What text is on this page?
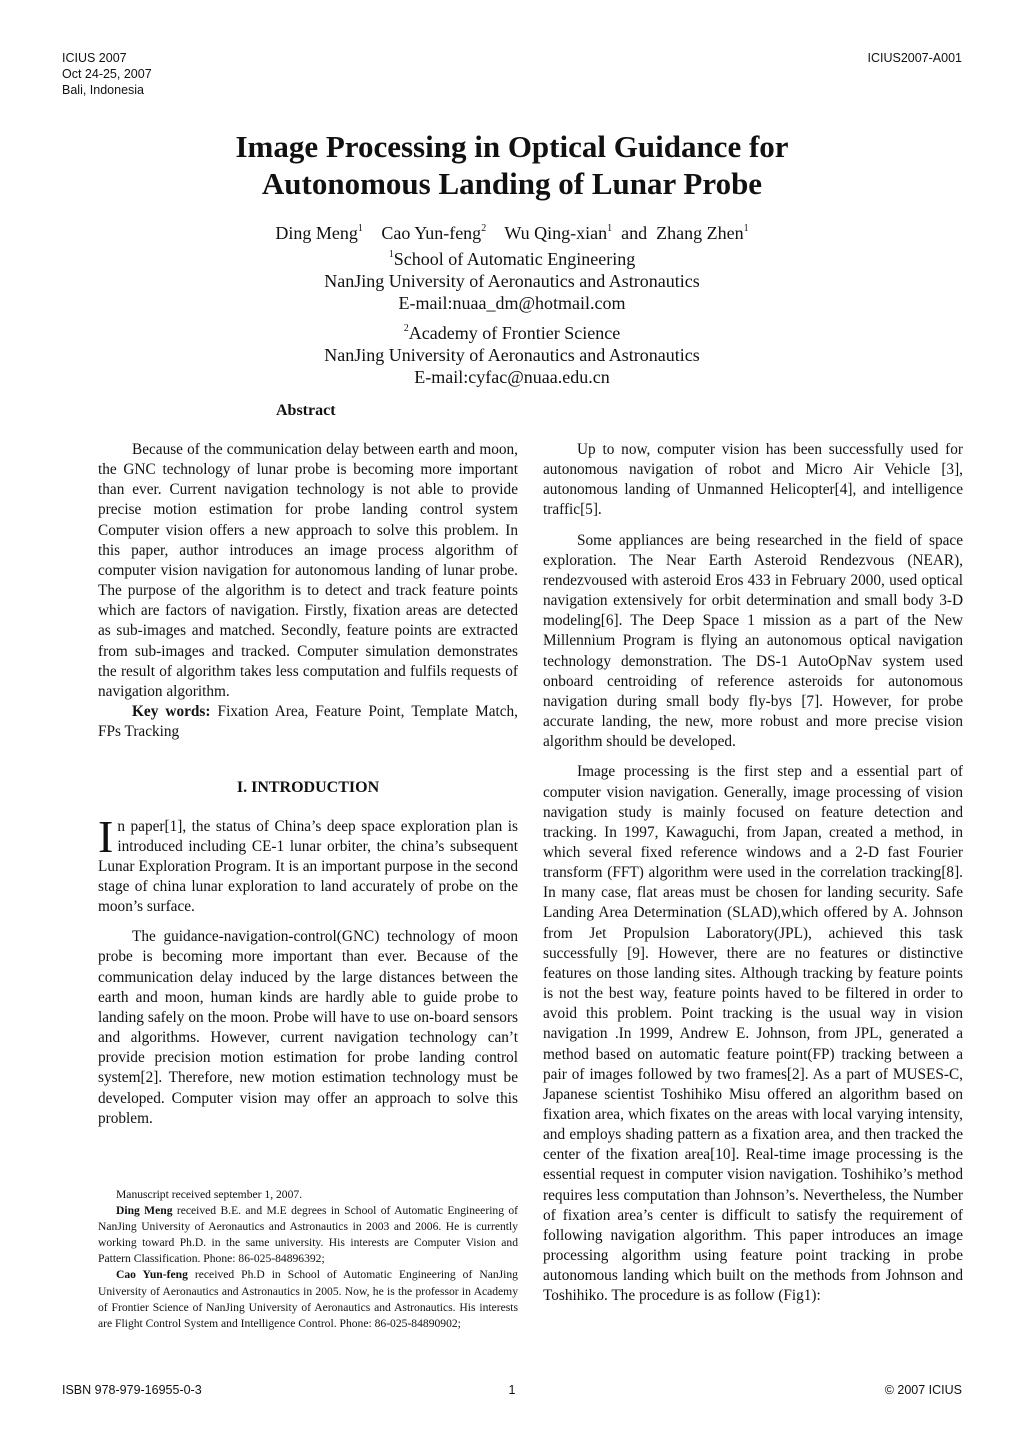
ICIUS 2007
Oct 24-25, 2007
Bali, Indonesia
ICIUS2007-A001
Image Processing in Optical Guidance for
Autonomous Landing of Lunar Probe
Ding Meng$^1$ Cao Yun-feng$^2$ Wu Qing-xian$^1$ and Zhang Zhen$^1$
$^1$School of Automatic Engineering
NanJing University of Aeronautics and Astronautics
E-mail:nuaa_dm@hotmail.com
$^2$Academy of Frontier Science
NanJing University of Aeronautics and Astronautics
E-mail:cyfac@nuaa.edu.cn
Abstract

Because of the communication delay between earth and moon, the GNC technology of lunar probe is becoming more important than ever. Current navigation technology is not able to provide precise motion estimation for probe landing control system Computer vision offers a new approach to solve this problem. In this paper, author introduces an image process algorithm of computer vision navigation for autonomous landing of lunar probe. The purpose of the algorithm is to detect and track feature points which are factors of navigation. Firstly, fixation areas are detected as sub-images and matched. Secondly, feature points are extracted from sub-images and tracked. Computer simulation demonstrates the result of algorithm takes less computation and fulfils requests of navigation algorithm.

Key words: Fixation Area, Feature Point, Template Match, FPs Tracking

I. INTRODUCTION

In paper[1], the status of China’s deep space exploration plan is introduced including CE-1 lunar orbiter, the china’s subsequent Lunar Exploration Program. It is an important purpose in the second stage of china lunar exploration to land accurately of probe on the moon’s surface.

The guidance-navigation-control(GNC) technology of moon probe is becoming more important than ever. Because of the communication delay induced by the large distances between the earth and moon, human kinds are hardly able to guide probe to landing safely on the moon. Probe will have to use on-board sensors and algorithms. However, current navigation technology can’t provide precision motion estimation for probe landing control system[2]. Therefore, new motion estimation technology must be developed. Computer vision may offer an approach to solve this problem.

Manuscript received september 1, 2007.

Ding Meng received B.E. and M.E degrees in School of Automatic Engineering of NanJing University of Aeronautics and Astronautics in 2003 and 2006. He is currently working toward Ph.D. in the same university. His interests are Computer Vision and Pattern Classification. Phone: 86-025-84896392;

Cao Yun-feng received Ph.D in School of Automatic Engineering of NanJing University of Aeronautics and Astronautics in 2005. Now, he is the professor in Academy of Frontier Science of NanJing University of Aeronautics and Astronautics. His interests are Flight Control System and Intelligence Control. Phone: 86-025-84890902;

Up to now, computer vision has been successfully used for autonomous navigation of robot and Micro Air Vehicle [3], autonomous landing of Unmanned Helicopter[4], and intelligence traffic[5].

Some appliances are being researched in the field of space exploration. The Near Earth Asteroid Rendezvous (NEAR), rendezvoused with asteroid Eros 433 in February 2000, used optical navigation extensively for orbit determination and small body 3-D modeling[6]. The Deep Space 1 mission as a part of the New Millennium Program is flying an autonomous optical navigation technology demonstration. The DS-1 AutoOpNav system used onboard centroiding of reference asteroids for autonomous navigation during small body fly-bys [7]. However, for probe accurate landing, the new, more robust and more precise vision algorithm should be developed.

Image processing is the first step and a essential part of computer vision navigation. Generally, image processing of vision navigation study is mainly focused on feature detection and tracking. In 1997, Kawaguchi, from Japan, created a method, in which several fixed reference windows and a 2-D fast Fourier transform (FFT) algorithm were used in the correlation tracking[8]. In many case, flat areas must be chosen for landing security. Safe Landing Area Determination (SLAD),which offered by A. Johnson from Jet Propulsion Laboratory(JPL), achieved this task successfully [9]. However, there are no features or distinctive features on those landing sites. Although tracking by feature points is not the best way, feature points haved to be filtered in order to avoid this problem. Point tracking is the usual way in vision navigation .In 1999, Andrew E. Johnson, from JPL, generated a method based on automatic feature point(FP) tracking between a pair of images followed by two frames[2]. As a part of MUSES-C, Japanese scientist Toshihiko Misu offered an algorithm based on fixation area, which fixates on the areas with local varying intensity, and employs shading pattern as a fixation area, and then tracked the center of the fixation area[10]. Real-time image processing is the essential request in computer vision navigation. Toshihiko’s method requires less computation than Johnson’s. Nevertheless, the Number of fixation area’s center is difficult to satisfy the requirement of following navigation algorithm. This paper introduces an image processing algorithm using feature point tracking in probe autonomous landing which built on the methods from Johnson and Toshihiko. The procedure is as follow (Fig1):

ISBN 978-979-16955-0-3	1	© 2007 ICIUS
